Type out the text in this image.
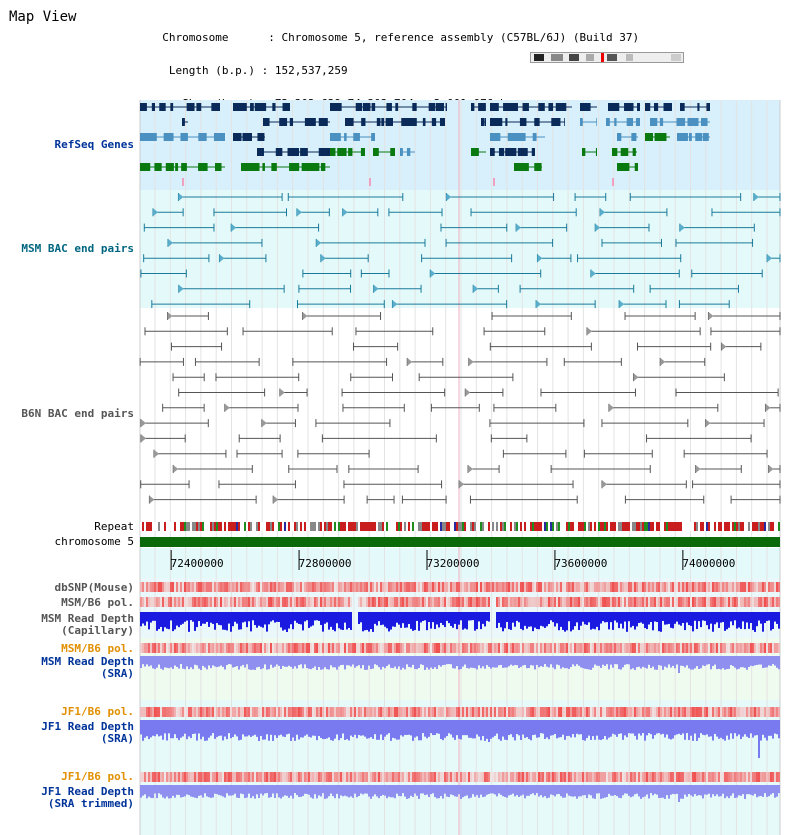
Map View

Chromosome      : Chromosome 5, reference assembly (C57BL/6J) (Build 37)

Length (b.p.) : 152,537,259

RefSeq Genes
MSM BAC end pairs
B6N BAC end pairs
Repeat
chromosome 5
dbSNP(Mouse)
MSM/B6 pol.
MSM Read Depth
(Capillary)
MSM/B6 pol.
MSM Read Depth
(SRA)
JF1/B6 pol.
JF1 Read Depth
(SRA)
JF1/B6 pol.
JF1 Read Depth
(SRA trimmed)
72400000	72800000	73200000	73600000	74000000
